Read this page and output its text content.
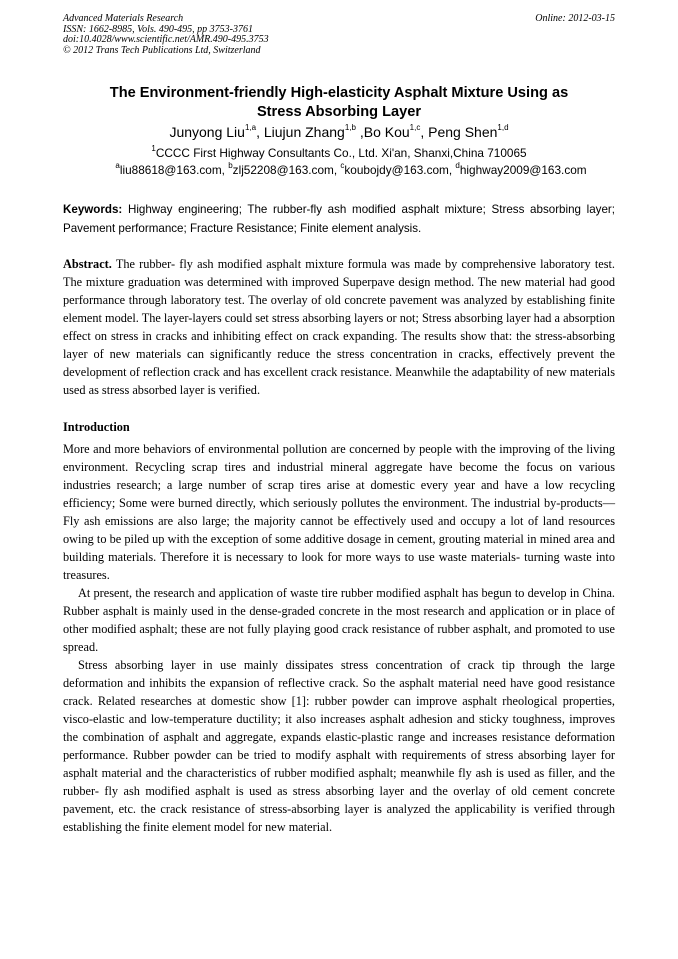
Advanced Materials Research
ISSN: 1662-8985, Vols. 490-495, pp 3753-3761
doi:10.4028/www.scientific.net/AMR.490-495.3753
© 2012 Trans Tech Publications Ltd, Switzerland
Online: 2012-03-15
The Environment-friendly High-elasticity Asphalt Mixture Using as
Stress Absorbing Layer
Junyong Liu$^{1,a}$, Liujun Zhang$^{1,b}$ ,Bo Kou$^{1,c}$, Peng Shen$^{1,d}$
$^1$CCCC First Highway Consultants Co., Ltd. Xi'an, Shanxi,China 710065
$^a$liu88618@163.com, $^b$zlj52208@163.com, $^c$koubojdy@163.com, $^d$highway2009@163.com
Keywords: Highway engineering; The rubber-fly ash modified asphalt mixture; Stress absorbing layer; Pavement performance; Fracture Resistance; Finite element analysis.
Abstract. The rubber- fly ash modified asphalt mixture formula was made by comprehensive laboratory test. The mixture graduation was determined with improved Superpave design method. The new material had good performance through laboratory test. The overlay of old concrete pavement was analyzed by establishing finite element model. The layer-layers could set stress absorbing layers or not; Stress absorbing layer had a absorption effect on stress in cracks and inhibiting effect on crack expanding. The results show that: the stress-absorbing layer of new materials can significantly reduce the stress concentration in cracks, effectively prevent the development of reflection crack and has excellent crack resistance. Meanwhile the adaptability of new materials used as stress absorbed layer is verified.
Introduction

More and more behaviors of environmental pollution are concerned by people with the improving of the living environment. Recycling scrap tires and industrial mineral aggregate have become the focus on various industries research; a large number of scrap tires arise at domestic every year and have a low recycling efficiency; Some were burned directly, which seriously pollutes the environment. The industrial by-products—Fly ash emissions are also large; the majority cannot be effectively used and occupy a lot of land resources owing to be piled up with the exception of some additive dosage in cement, grouting material in mined area and building materials. Therefore it is necessary to look for more ways to use waste materials- turning waste into treasures.

At present, the research and application of waste tire rubber modified asphalt has begun to develop in China. Rubber asphalt is mainly used in the dense-graded concrete in the most research and application or in place of other modified asphalt; these are not fully playing good crack resistance of rubber asphalt, and promoted to use spread.

Stress absorbing layer in use mainly dissipates stress concentration of crack tip through the large deformation and inhibits the expansion of reflective crack. So the asphalt material need have good resistance crack. Related researches at domestic show [1]: rubber powder can improve asphalt rheological properties, visco-elastic and low-temperature ductility; it also increases asphalt adhesion and sticky toughness, improves the combination of asphalt and aggregate, expands elastic-plastic range and increases resistance deformation performance. Rubber powder can be tried to modify asphalt with requirements of stress absorbing layer for asphalt material and the characteristics of rubber modified asphalt; meanwhile fly ash is used as filler, and the rubber- fly ash modified asphalt is used as stress absorbing layer and the overlay of old cement concrete pavement, etc. the crack resistance of stress-absorbing layer is analyzed the applicability is verified through establishing the finite element model for new material.
